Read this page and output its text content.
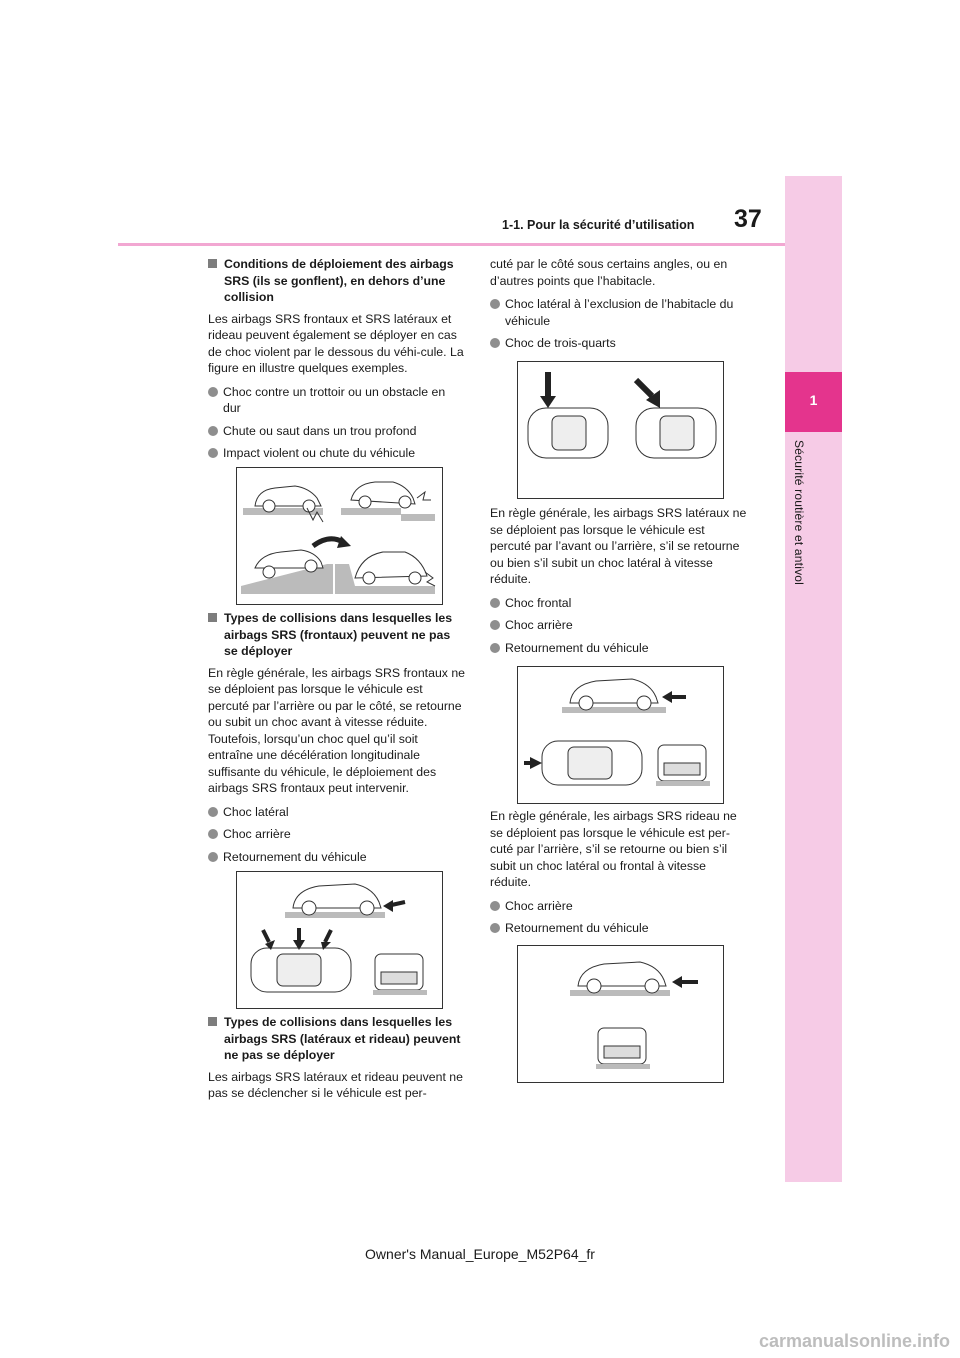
1
Sécurité routière et antivol
1-1. Pour la sécurité d’utilisation 37
Conditions de déploiement des airbags SRS (ils se gonflent), en dehors d’une collision

Les airbags SRS frontaux et SRS latéraux et rideau peuvent également se déployer en cas de choc violent par le dessous du véhi-cule. La figure en illustre quelques exemples.

Choc contre un trottoir ou un obstacle en dur
Chute ou saut dans un trou profond
Impact violent ou chute du véhicule
Types de collisions dans lesquelles les airbags SRS (frontaux) peuvent ne pas se déployer

En règle générale, les airbags SRS frontaux ne se déploient pas lorsque le véhicule est percuté par l’arrière ou par le côté, se retourne ou subit un choc avant à vitesse réduite. Toutefois, lorsqu’un choc quel qu’il soit entraîne une décélération longitudinale suffisante du véhicule, le déploiement des airbags SRS frontaux peut intervenir.

Choc latéral
Choc arrière
Retournement du véhicule
Types de collisions dans lesquelles les airbags SRS (latéraux et rideau) peuvent ne pas se déployer

Les airbags SRS latéraux et rideau peuvent ne pas se déclencher si le véhicule est per-

cuté par le côté sous certains angles, ou en d’autres points que l’habitacle.

Choc latéral à l’exclusion de l’habitacle du véhicule
Choc de trois-quarts

En règle générale, les airbags SRS latéraux ne se déploient pas lorsque le véhicule est percuté par l’avant ou l’arrière, s’il se retourne ou bien s’il subit un choc latéral à vitesse réduite.

Choc frontal
Choc arrière
Retournement du véhicule

En règle générale, les airbags SRS rideau ne se déploient pas lorsque le véhicule est per-cuté par l’arrière, s’il se retourne ou bien s’il subit un choc latéral ou frontal à vitesse réduite.

Choc arrière
Retournement du véhicule
Owner's Manual_Europe_M52P64_fr
carmanualsonline.info
